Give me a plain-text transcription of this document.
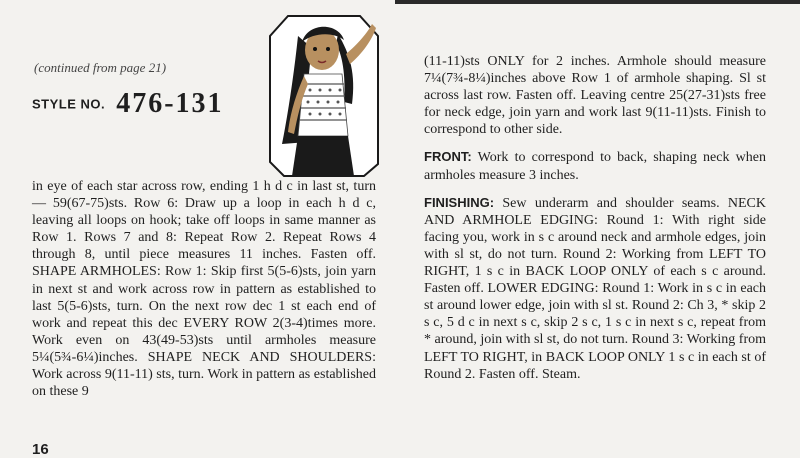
(continued from page 21)
STYLE NO. 476-131

in eye of each star across row, ending 1 h d c in last st, turn — 59(67-75)sts. Row 6: Draw up a loop in each h d c, leaving all loops on hook; take off loops in same manner as Row 1. Rows 7 and 8: Repeat Row 2. Repeat Rows 4 through 8, until piece measures 11 inches. Fasten off. SHAPE ARMHOLES: Row 1: Skip first 5(5-6)sts, join yarn in next st and work across row in pattern as established to last 5(5-6)sts, turn. On the next row dec 1 st each end of work and repeat this dec EVERY ROW 2(3-4)times more. Work even on 43(49-53)sts until armholes measure 5¼(5¾-6¼)inches. SHAPE NECK AND SHOULDERS: Work across 9(11-11) sts, turn. Work in pattern as established on these 9

(11-11)sts ONLY for 2 inches. Armhole should measure 7¼(7¾-8¼)inches above Row 1 of armhole shaping. Sl st across last row. Fasten off. Leaving centre 25(27-31)sts free for neck edge, join yarn and work last 9(11-11)sts. Finish to correspond to other side.

FRONT: Work to correspond to back, shaping neck when armholes measure 3 inches.

FINISHING: Sew underarm and shoulder seams. NECK AND ARMHOLE EDGING: Round 1: With right side facing you, work in s c around neck and armhole edges, join with sl st, do not turn. Round 2: Working from LEFT TO RIGHT, 1 s c in BACK LOOP ONLY of each s c around. Fasten off. LOWER EDGING: Round 1: Work in s c in each st around lower edge, join with sl st. Round 2: Ch 3, * skip 2 s c, 5 d c in next s c, skip 2 s c, 1 s c in next s c, repeat from * around, join with sl st, do not turn. Round 3: Working from LEFT TO RIGHT, in BACK LOOP ONLY 1 s c in each st of Round 2. Fasten off. Steam.

16
